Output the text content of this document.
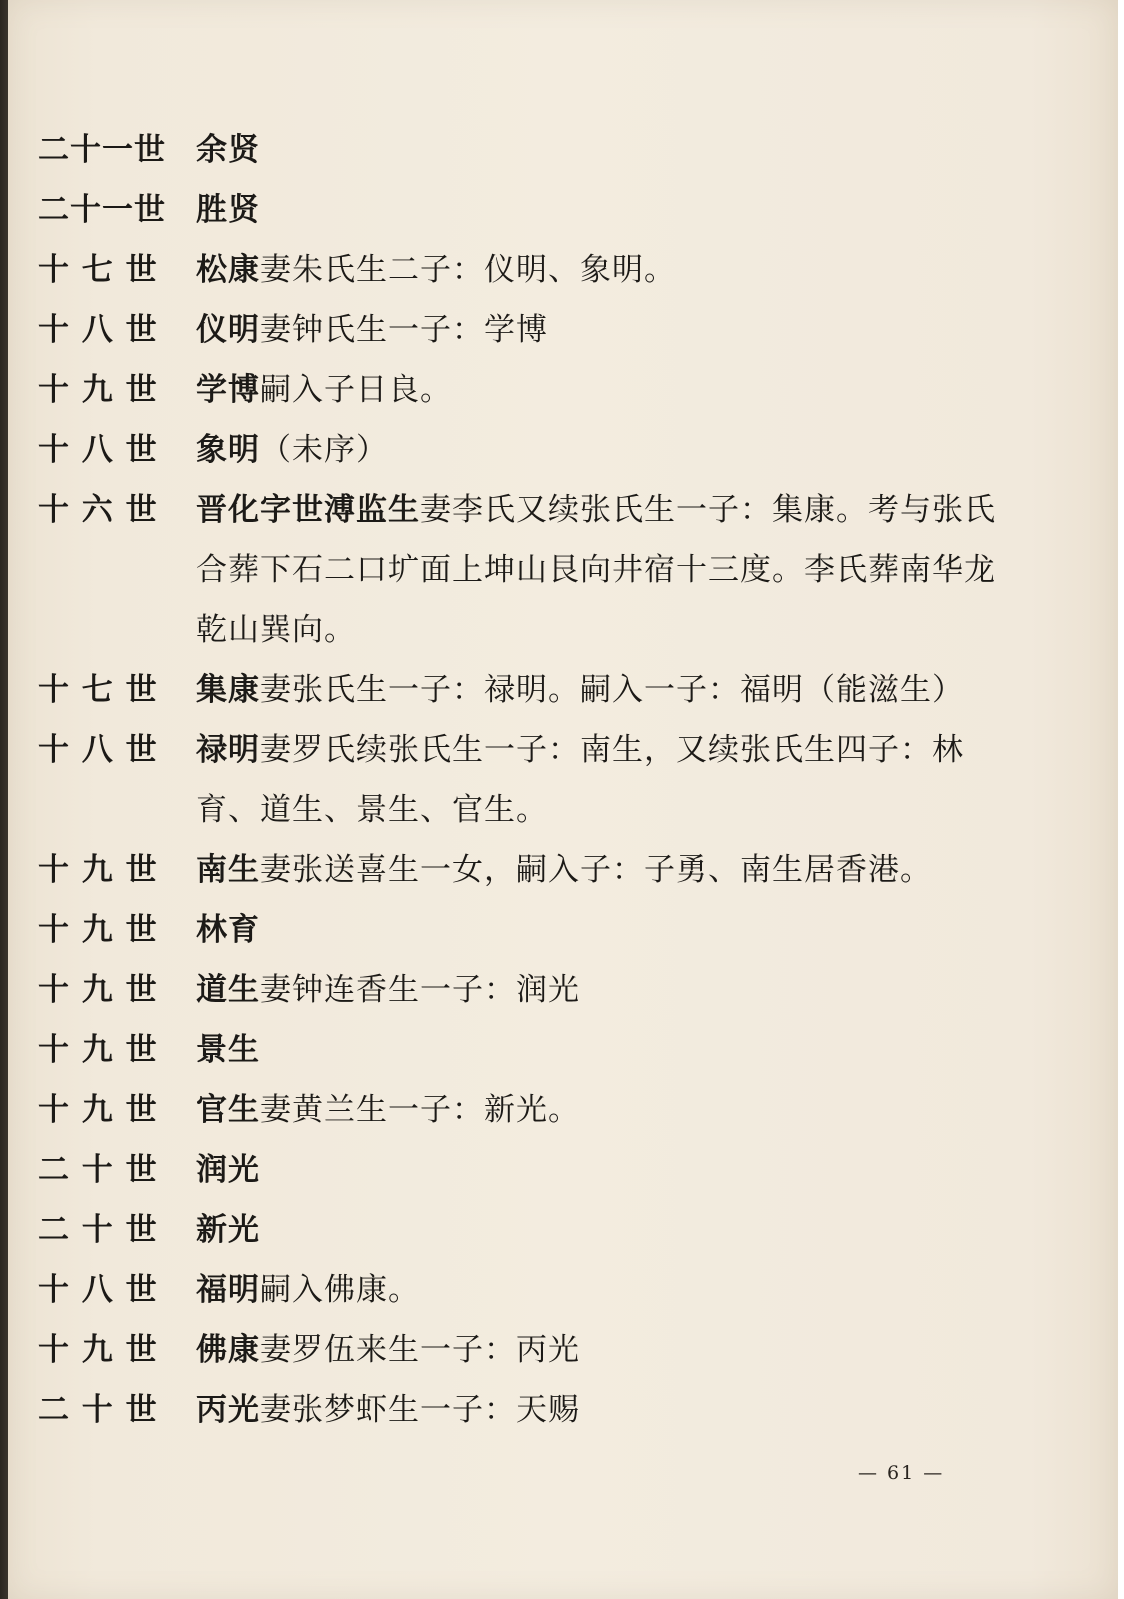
二十一世 余贤
二十一世 胜贤
十 七 世	松康妻朱氏生二子：仪明、象明。
十 八 世	仪明妻钟氏生一子：学博
十 九 世	学博嗣入子日良。
十 八 世	象明（未序）
十 六 世	晋化字世溥监生妻李氏又续张氏生一子：集康。考与张氏合葬下石二口圹面上坤山艮向井宿十三度。李氏葬南华龙乾山巽向。
十 七 世	集康妻张氏生一子：禄明。嗣入一子：福明（能滋生）
十 八 世	禄明妻罗氏续张氏生一子：南生，又续张氏生四子：林育、道生、景生、官生。
十 九 世	南生妻张送喜生一女，嗣入子：子勇、南生居香港。
十 九 世	林育
十 九 世	道生妻钟连香生一子：润光
十 九 世	景生
十 九 世	官生妻黄兰生一子：新光。
二 十 世	润光
二 十 世	新光
十 八 世	福明嗣入佛康。
十 九 世	佛康妻罗伍来生一子：丙光
二 十 世	丙光妻张梦虾生一子：天赐
— 61 —
